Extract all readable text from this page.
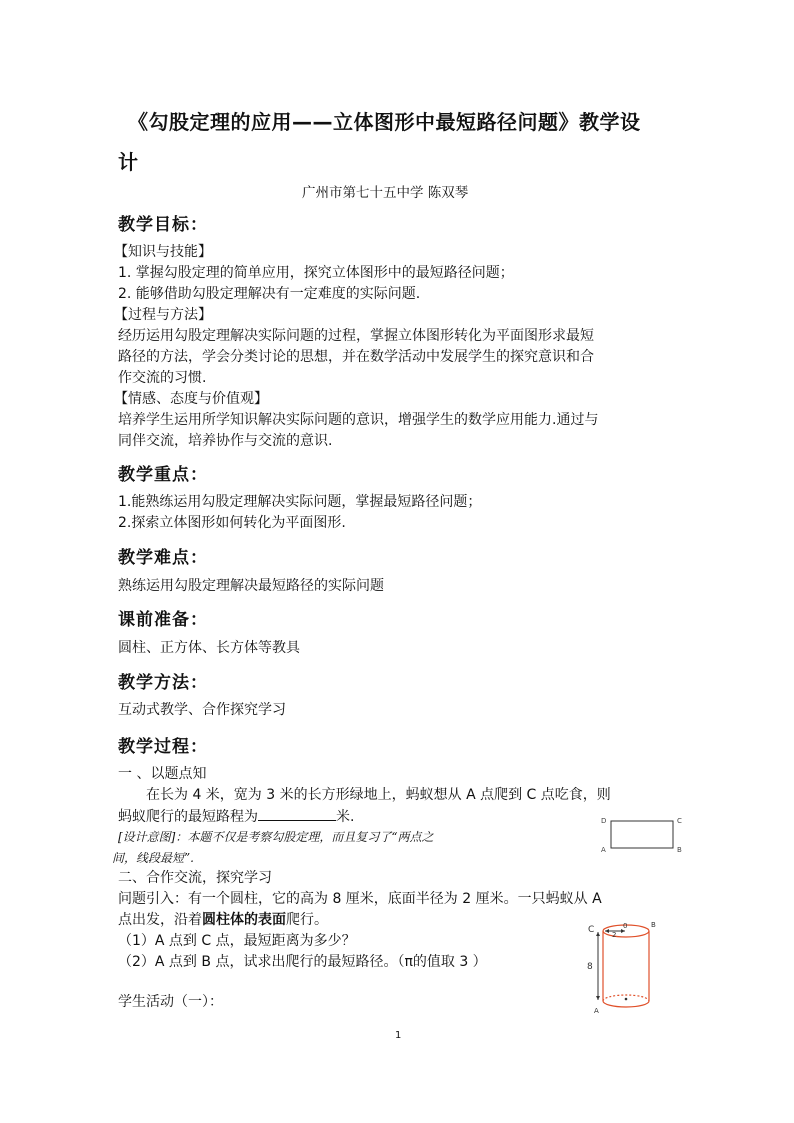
《勾股定理的应用——立体图形中最短路径问题》教学设
计
广州市第七十五中学 陈双琴
教学目标：
【知识与技能】
1. 掌握勾股定理的简单应用，探究立体图形中的最短路径问题；
2. 能够借助勾股定理解决有一定难度的实际问题.
【过程与方法】
经历运用勾股定理解决实际问题的过程，掌握立体图形转化为平面图形求最短
路径的方法，学会分类讨论的思想，并在数学活动中发展学生的探究意识和合
作交流的习惯.
【情感、态度与价值观】
培养学生运用所学知识解决实际问题的意识，增强学生的数学应用能力.通过与
同伴交流，培养协作与交流的意识.
教学重点：
1.能熟练运用勾股定理解决实际问题，掌握最短路径问题；
2.探索立体图形如何转化为平面图形.
教学难点：
熟练运用勾股定理解决最短路径的实际问题
课前准备：
圆柱、正方体、长方体等教具
教学方法：
互动式教学、合作探究学习
教学过程：
一 、以题点知
在长为 4 米，宽为 3 米的长方形绿地上，蚂蚁想从 A 点爬到 C 点吃食，则
蚂蚁爬行的最短路程为	米.
[设计意图]：本题不仅是考察勾股定理，而且复习了“两点之
间，线段最短”.
D	C
A	B
二、合作交流，探究学习
问题引入：有一个圆柱，它的高为 8 厘米，底面半径为 2 厘米。一只蚂蚁从 A
点出发，沿着圆柱体的表面爬行。
（1）A 点到 C 点，最短距离为多少？
（2）A 点到 B 点，试求出爬行的最短路径。（π的值取 3 ）
学生活动（一）：
C	0	B
2
8
A
1
